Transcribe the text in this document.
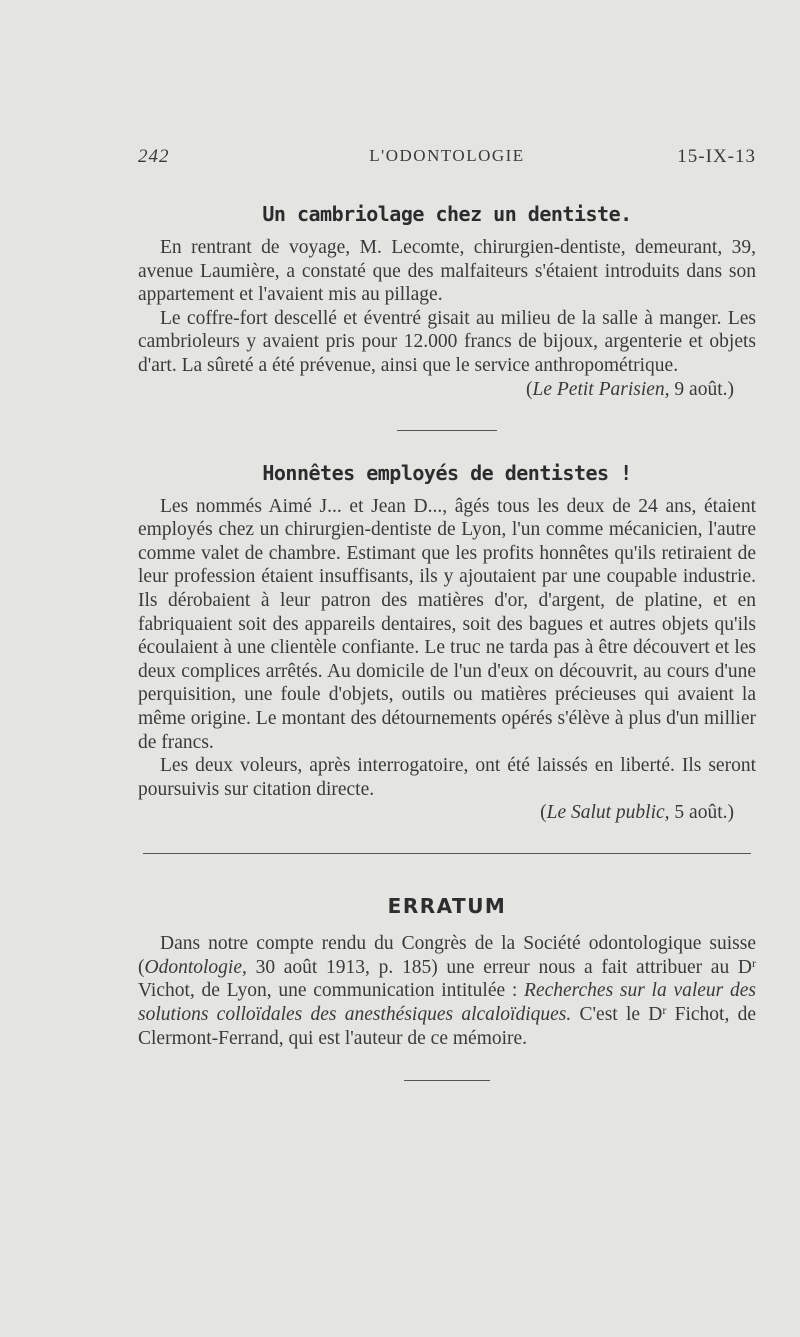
242	L'ODONTOLOGIE	15-IX-13
Un cambriolage chez un dentiste.

En rentrant de voyage, M. Lecomte, chirurgien-dentiste, demeurant, 39, avenue Laumière, a constaté que des malfaiteurs s'étaient introduits dans son appartement et l'avaient mis au pillage.

Le coffre-fort descellé et éventré gisait au milieu de la salle à manger. Les cambrioleurs y avaient pris pour 12.000 francs de bijoux, argenterie et objets d'art. La sûreté a été prévenue, ainsi que le service anthropométrique.

(Le Petit Parisien, 9 août.)
Honnêtes employés de dentistes !

Les nommés Aimé J... et Jean D..., âgés tous les deux de 24 ans, étaient employés chez un chirurgien-dentiste de Lyon, l'un comme mécanicien, l'autre comme valet de chambre. Estimant que les profits honnêtes qu'ils retiraient de leur profession étaient insuffisants, ils y ajoutaient par une coupable industrie. Ils dérobaient à leur patron des matières d'or, d'argent, de platine, et en fabriquaient soit des appareils dentaires, soit des bagues et autres objets qu'ils écoulaient à une clientèle confiante. Le truc ne tarda pas à être découvert et les deux complices arrêtés. Au domicile de l'un d'eux on découvrit, au cours d'une perquisition, une foule d'objets, outils ou matières précieuses qui avaient la même origine. Le montant des détournements opérés s'élève à plus d'un millier de francs.

Les deux voleurs, après interrogatoire, ont été laissés en liberté. Ils seront poursuivis sur citation directe.

(Le Salut public, 5 août.)
ERRATUM

Dans notre compte rendu du Congrès de la Société odontologique suisse (Odontologie, 30 août 1913, p. 185) une erreur nous a fait attribuer au $D^r$ Vichot, de Lyon, une communication intitulée : Recherches sur la valeur des solutions colloïdales des anesthésiques alcaloïdiques. C'est le $D^r$ Fichot, de Clermont-Ferrand, qui est l'auteur de ce mémoire.
